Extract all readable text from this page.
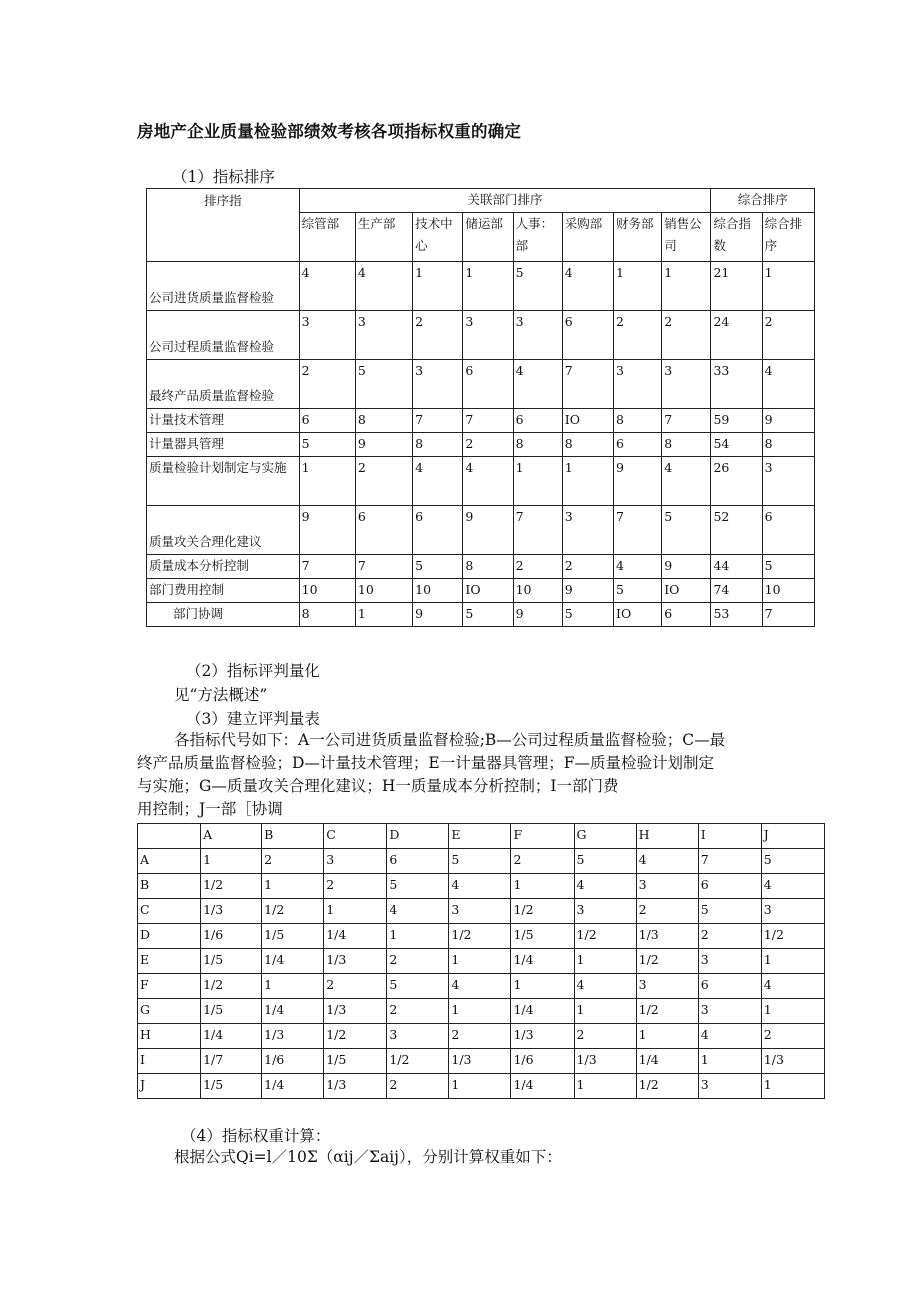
房地产企业质量检验部绩效考核各项指标权重的确定
（1）指标排序
排序指	关联部门排序								综合排序	
	综管部	生产部	技术中心	储运部	人事：部	采购部	财务部	销售公司	综合指数	综合排序
公司进货质量监督检验	4	4	1	1	5	4	1	1	21	1
公司过程质量监督检验	3	3	2	3	3	6	2	2	24	2
最终产品质量监督检验	2	5	3	6	4	7	3	3	33	4
计量技术管理	6	8	7	7	6	IO	8	7	59	9
计量器具管理	5	9	8	2	8	8	6	8	54	8
质量检验计划制定与实施	1	2	4	4	1	1	9	4	26	3
质量攻关合理化建议	9	6	6	9	7	3	7	5	52	6
质量成本分析控制	7	7	5	8	2	2	4	9	44	5
部门费用控制	10	10	10	IO	10	9	5	IO	74	10
部门协调	8	1	9	5	9	5	IO	6	53	7
（2）指标评判量化
见“方法概述”
（3）建立评判量表
各指标代号如下：A一公司进货质量监督检验;B—公司过程质量监督检验；C—最
终产品质量监督检验；D—计量技术管理；E一计量器具管理；F—质量检验计划制定
与实施；G—质量攻关合理化建议；H一质量成本分析控制；I一部门费
用控制；J一部［协调
	A	B	C	D	E	F	G	H	I	J
A	1	2	3	6	5	2	5	4	7	5
B	1/2	1	2	5	4	1	4	3	6	4
C	1/3	1/2	1	4	3	1/2	3	2	5	3
D	1/6	1/5	1/4	1	1/2	1/5	1/2	1/3	2	1/2
E	1/5	1/4	1/3	2	1	1/4	1	1/2	3	1
F	1/2	1	2	5	4	1	4	3	6	4
G	1/5	1/4	1/3	2	1	1/4	1	1/2	3	1
H	1/4	1/3	1/2	3	2	1/3	2	1	4	2
I	1/7	1/6	1/5	1/2	1/3	1/6	1/3	1/4	1	1/3
J	1/5	1/4	1/3	2	1	1/4	1	1/2	3	1
（4）指标权重计算：
根据公式Qi=l／10Σ（αij／Σaij），分别计算权重如下：
